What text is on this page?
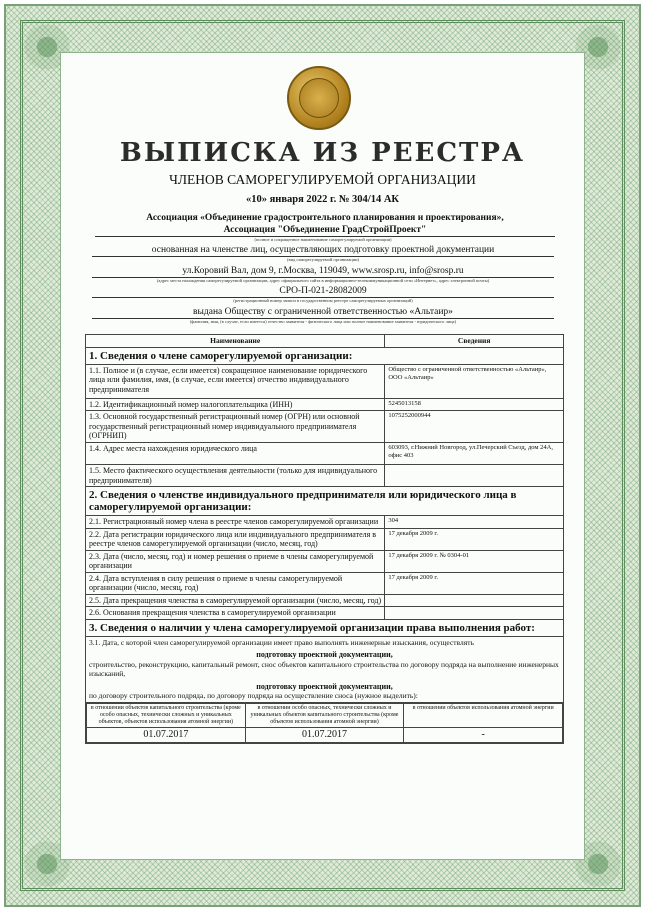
ВЫПИСКА ИЗ РЕЕСТРА
ЧЛЕНОВ САМОРЕГУЛИРУЕМОЙ ОРГАНИЗАЦИИ
«10» января 2022 г. № 304/14 АК
Ассоциация «Объединение градостроительного планирования и проектирования»,
Ассоциация "Объединение ГрадСтройПроект"
(полное и сокращенное наименование саморегулируемой организации)
основанная на членстве лиц, осуществляющих подготовку проектной документации
(вид саморегулируемой организации)
ул.Коровий Вал, дом 9, г.Москва, 119049, www.srosp.ru, info@srosp.ru
(адрес места нахождения саморегулируемой организации, адрес официального сайта в информационно-телекоммуникационной сети «Интернет», адрес электронной почты)
СРО-П-021-28082009
(регистрационный номер записи в государственном реестре саморегулируемых организаций)
выдана Обществу с ограниченной ответственностью «Альтаир»
(фамилия, имя, (в случае, если имеется) отчество заявителя - физического лица или полное наименование заявителя - юридического лица)
Наименование	Сведения
1. Сведения о члене саморегулируемой организации:
1.1. Полное и (в случае, если имеется) сокращенное наименование юридического лица или фамилия, имя, (в случае, если имеется) отчество индивидуального предпринимателя	Общество с ограниченной ответственностью «Альтаир», ООО «Альтаир»
1.2. Идентификационный номер налогоплательщика (ИНН)	5245013158
1.3. Основной государственный регистрационный номер (ОГРН) или основной государственный регистрационный номер индивидуального предпринимателя (ОГРНИП)	1075252000944
1.4. Адрес места нахождения юридического лица	603093, г.Нижний Новгород, ул.Печерский Съезд, дом 24А, офис 403
1.5. Место фактического осуществления деятельности (только для индивидуального предпринимателя)	
2. Сведения о членстве индивидуального предпринимателя или юридического лица в саморегулируемой организации:
2.1. Регистрационный номер члена в реестре членов саморегулируемой организации	304
2.2. Дата регистрации юридического лица или индивидуального предпринимателя в реестре членов саморегулируемой организации (число, месяц, год)	17 декабря 2009 г.
2.3. Дата (число, месяц, год) и номер решения о приеме в члены саморегулируемой организации	17 декабря 2009 г. № 0304-01
2.4. Дата вступления в силу решения о приеме в члены саморегулируемой организации (число, месяц, год)	17 декабря 2009 г.
2.5. Дата прекращения членства в саморегулируемой организации (число, месяц, год)	
2.6. Основания прекращения членства в саморегулируемой организации	
3. Сведения о наличии у члена саморегулируемой организации права выполнения работ:

3.1. Дата, с которой член саморегулируемой организации имеет право выполнять инженерные изыскания, осуществлять
подготовку проектной документации,
строительство, реконструкцию, капитальный ремонт, снос объектов капитального строительства по договору подряда на выполнение инженерных изысканий,
подготовку проектной документации,
по договору строительного подряда, по договору подряда на осуществление сноса (нужное выделить):

в отношении объектов капитального строительства (кроме особо опасных, технически сложных и уникальных объектов, объектов использования атомной энергии)	в отношении особо опасных, технически сложных и уникальных объектов капитального строительства (кроме объектов использования атомной энергии)	в отношении объектов использования атомной энергии
01.07.2017	01.07.2017	-
